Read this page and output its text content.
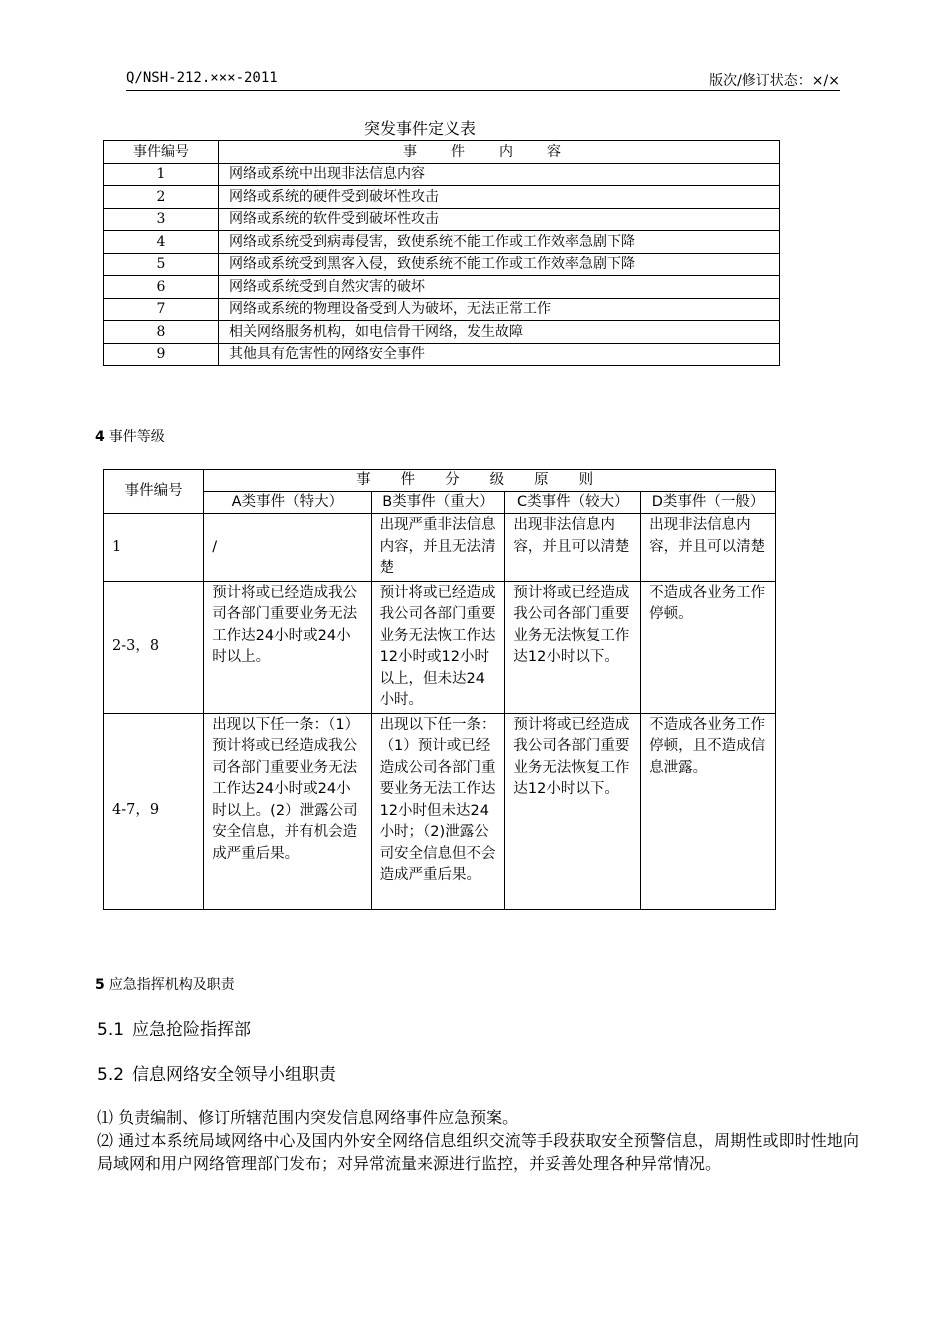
Q/NSH-212.×××-2011	版次/修订状态：×/×
突发事件定义表
事件编号	事件内容
1	网络或系统中出现非法信息内容
2	网络或系统的硬件受到破坏性攻击
3	网络或系统的软件受到破坏性攻击
4	网络或系统受到病毒侵害，致使系统不能工作或工作效率急剧下降
5	网络或系统受到黑客入侵，致使系统不能工作或工作效率急剧下降
6	网络或系统受到自然灾害的破坏
7	网络或系统的物理设备受到人为破坏，无法正常工作
8	相关网络服务机构，如电信骨干网络，发生故障
9	其他具有危害性的网络安全事件
4 事件等级
事件编号	事件分级原则			
	A类事件（特大）	B类事件（重大）	C类事件（较大）	D类事件（一般）
1	/	出现严重非法信息内容，并且无法清楚	出现非法信息内容，并且可以清楚	出现非法信息内容，并且可以清楚
2-3，8	预计将或已经造成我公司各部门重要业务无法工作达24小时或24小时以上。	预计将或已经造成我公司各部门重要业务无法恢工作达12小时或12小时以上，但未达24小时。	预计将或已经造成我公司各部门重要业务无法恢复工作达12小时以下。	不造成各业务工作停顿。
4-7，9	出现以下任一条：（1）预计将或已经造成我公司各部门重要业务无法工作达24小时或24小时以上。(2）泄露公司安全信息，并有机会造成严重后果。	出现以下任一条：（1）预计或已经造成公司各部门重要业务无法工作达12小时但未达24小时；（2)泄露公司安全信息但不会造成严重后果。	预计将或已经造成我公司各部门重要业务无法恢复工作达12小时以下。	不造成各业务工作停顿，且不造成信息泄露。
5 应急指挥机构及职责
5.1 应急抢险指挥部
5.2 信息网络安全领导小组职责
⑴ 负责编制、修订所辖范围内突发信息网络事件应急预案。
⑵ 通过本系统局域网络中心及国内外安全网络信息组织交流等手段获取安全预警信息，周期性或即时性地向局域网和用户网络管理部门发布；对异常流量来源进行监控，并妥善处理各种异常情况。
